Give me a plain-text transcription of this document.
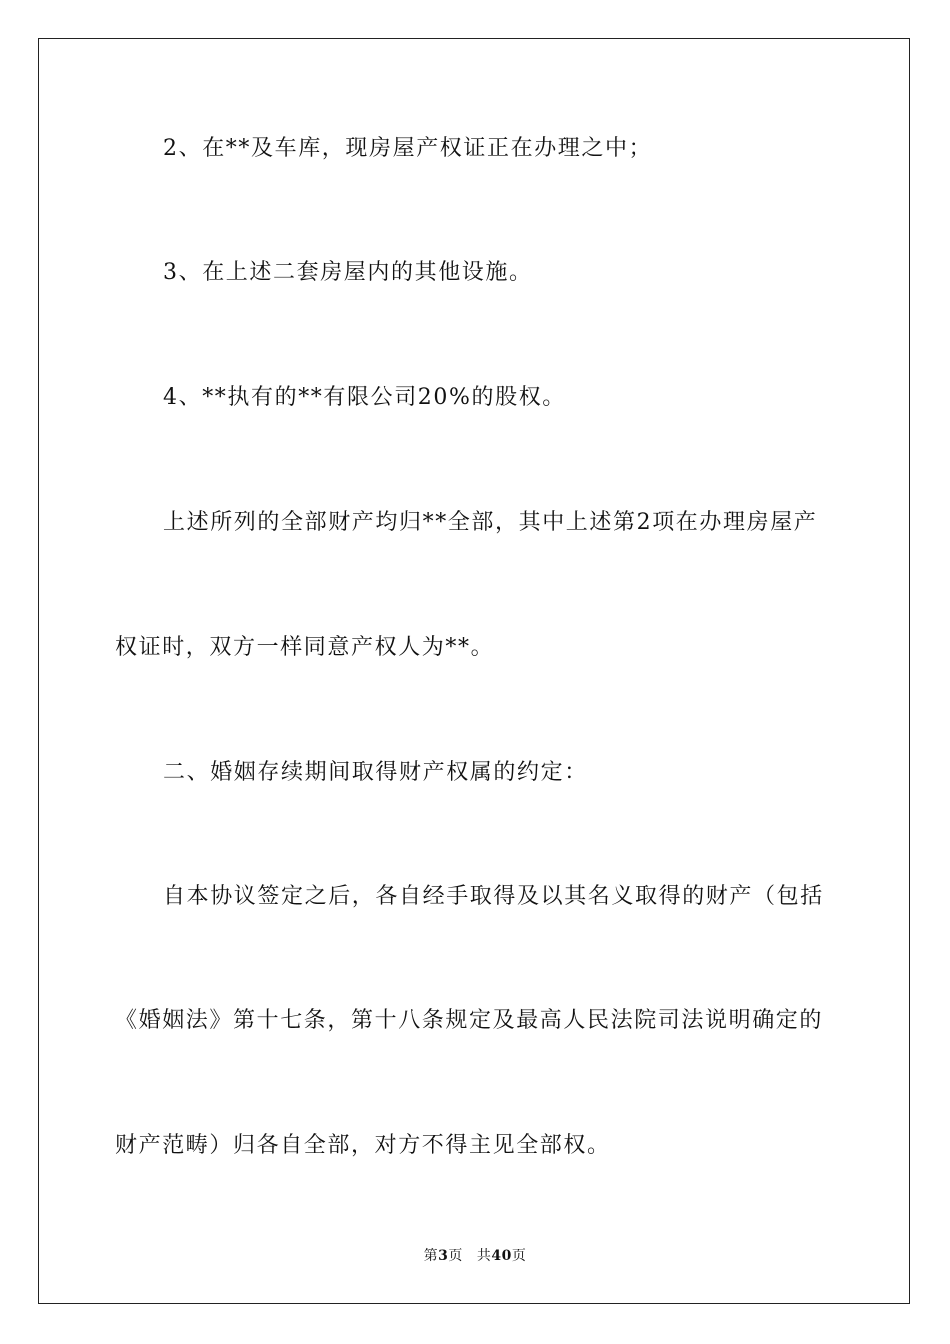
2、在**及车库，现房屋产权证正在办理之中；
3、在上述二套房屋内的其他设施。
4、**执有的**有限公司20%的股权。
上述所列的全部财产均归**全部，其中上述第2项在办理房屋产
权证时，双方一样同意产权人为**。
二、婚姻存续期间取得财产权属的约定：
自本协议签定之后，各自经手取得及以其名义取得的财产（包括
《婚姻法》第十七条，第十八条规定及最高人民法院司法说明确定的
财产范畴）归各自全部，对方不得主见全部权。
第3页 共40页
